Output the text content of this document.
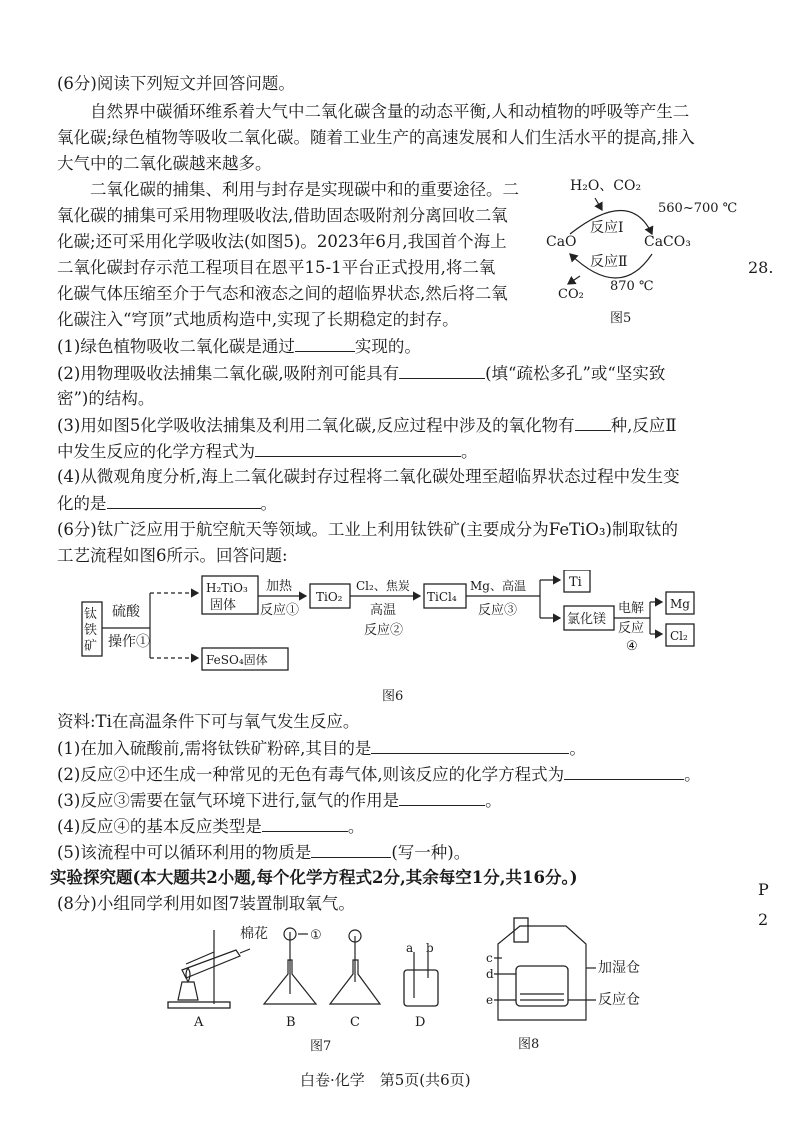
(6分)阅读下列短文并回答问题。
自然界中碳循环维系着大气中二氧化碳含量的动态平衡,人和动植物的呼吸等产生二
氧化碳;绿色植物等吸收二氧化碳。随着工业生产的高速发展和人们生活水平的提高,排入
大气中的二氧化碳越来越多。
二氧化碳的捕集、利用与封存是实现碳中和的重要途径。二
氧化碳的捕集可采用物理吸收法,借助固态吸附剂分离回收二氧
化碳;还可采用化学吸收法(如图5)。2023年6月,我国首个海上
二氧化碳封存示范工程项目在恩平15-1平台正式投用,将二氧
化碳气体压缩至介于气态和液态之间的超临界状态,然后将二氧
化碳注入“穹顶”式地质构造中,实现了长期稳定的封存。
(1)绿色植物吸收二氧化碳是通过	实现的。
(2)用物理吸收法捕集二氧化碳,吸附剂可能具有	(填“疏松多孔”或“坚实致
密”)的结构。
(3)用如图5化学吸收法捕集及利用二氧化碳,反应过程中涉及的氧化物有 种,反应Ⅱ
中发生反应的化学方程式为	。
(4)从微观角度分析,海上二氧化碳封存过程将二氧化碳处理至超临界状态过程中发生变
化的是	。
H₂O、CO₂
560~700 ℃
反应Ⅰ
CaO	CaCO₃
反应Ⅱ
CO₂
870 ℃
图5
28.
P
2
(6分)钛广泛应用于航空航天等领域。工业上利用钛铁矿(主要成分为FeTiO₃)制取钛的
工艺流程如图6所示。回答问题:
钛
铁
矿
硫酸
操作①
H₂TiO₃
固体
加热
反应①
TiO₂
Cl₂、焦炭
高温
反应②
TiCl₄
Mg、高温
反应③
Ti
氯化镁
电解
反应
④
Mg
Cl₂
FeSO₄固体
图6
资料:Ti在高温条件下可与氧气发生反应。
(1)在加入硫酸前,需将钛铁矿粉碎,其目的是	。
(2)反应②中还生成一种常见的无色有毒气体,则该反应的化学方程式为	。
(3)反应③需要在氩气环境下进行,氩气的作用是	。
(4)反应④的基本反应类型是	。
(5)该流程中可以循环利用的物质是	(写一种)。
实验探究题(本大题共2小题,每个化学方程式2分,其余每空1分,共16分。)
(8分)小组同学利用如图7装置制取氧气。
棉花
A
①
B	C
a b
D
图7
c
d
e
加湿仓
反应仓
图8
白卷·化学　第5页(共6页)
